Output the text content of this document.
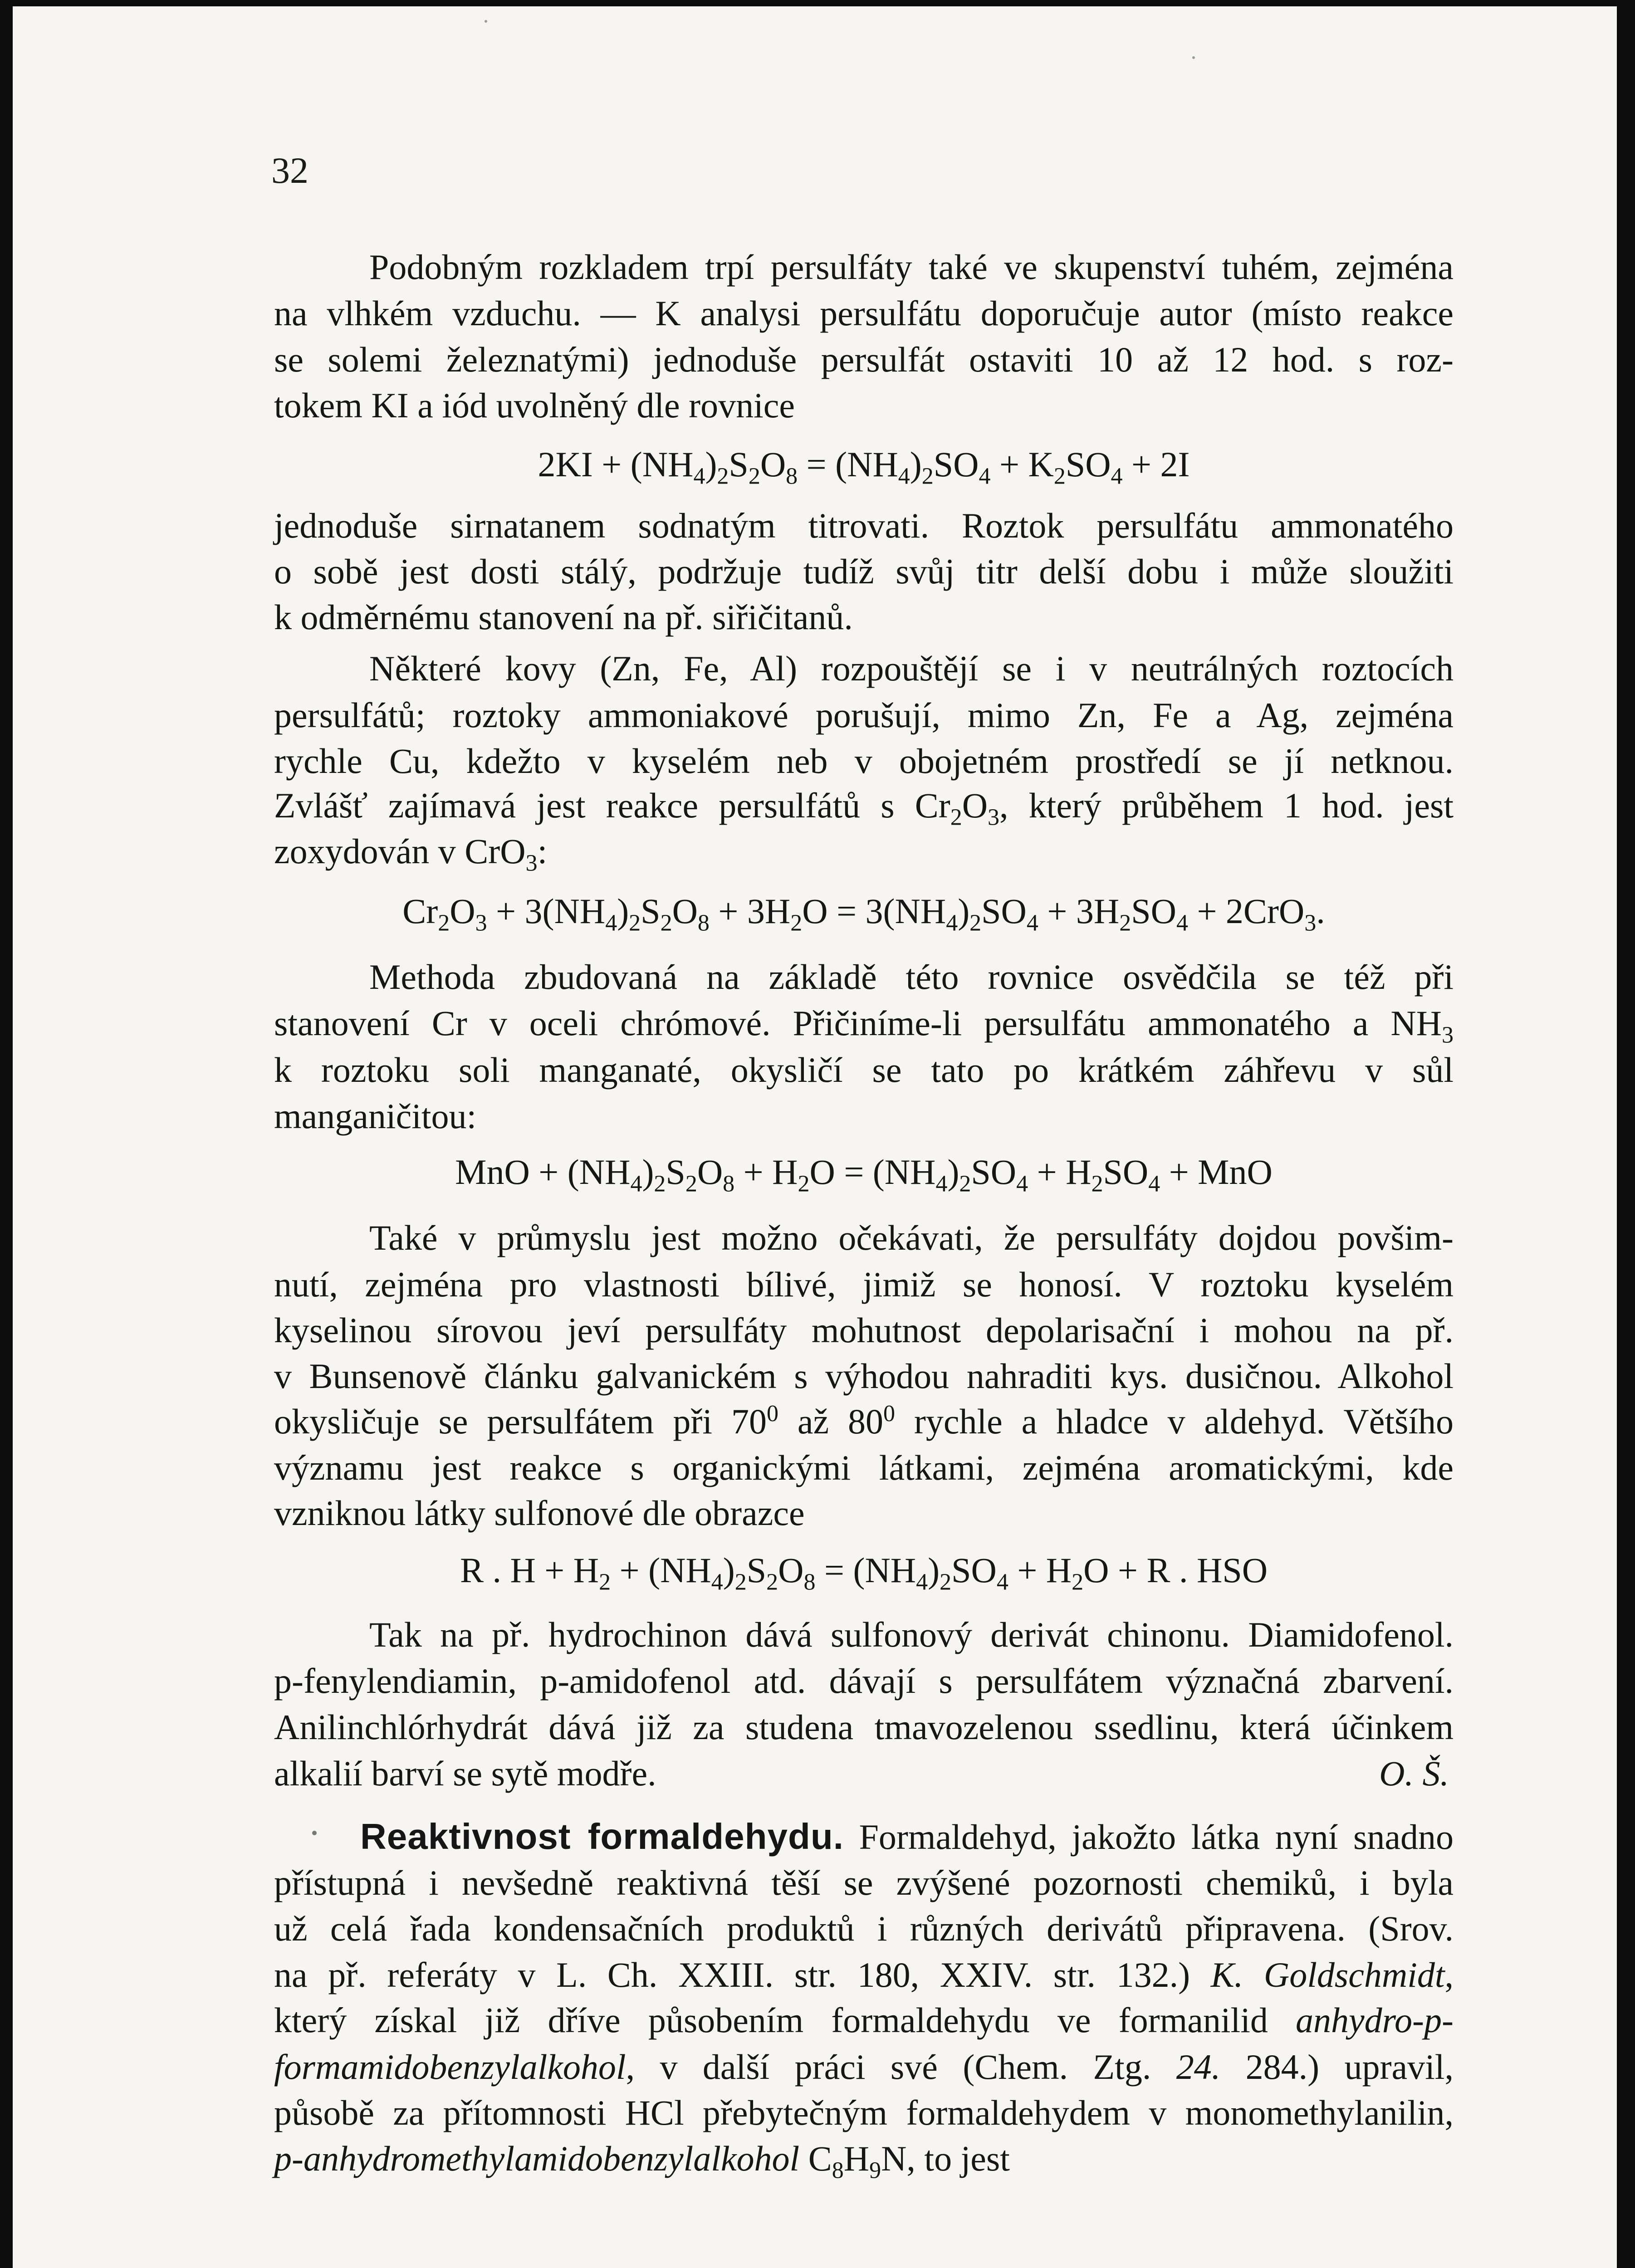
32
Podobným rozkladem trpí persulfáty také ve skupenství tuhém, zejména
na vlhkém vzduchu. — K analysi persulfátu doporučuje autor (místo reakce
se solemi železnatými) jednoduše persulfát ostaviti 10 až 12 hod. s roz-
tokem KI a iód uvolněný dle rovnice
$2KI + (NH_4)_2S_2O_8 = (NH_4)_2SO_4 + K_2SO_4 + 2I$
jednoduše sirnatanem sodnatým titrovati. Roztok persulfátu ammonatého
o sobě jest dosti stálý, podržuje tudíž svůj titr delší dobu i může sloužiti
k odměrnému stanovení na př. siřičitanů.
Některé kovy (Zn, Fe, Al) rozpouštějí se i v neutrálných roztocích
persulfátů; roztoky ammoniakové porušují, mimo Zn, Fe a Ag, zejména
rychle Cu, kdežto v kyselém neb v obojetném prostředí se jí netknou.
Zvlášť zajímavá jest reakce persulfátů s $Cr_2O_3$, který průběhem 1 hod. jest
zoxydován v CrO$_3$:
$Cr_2O_3 + 3(NH_4)_2S_2O_8 + 3H_2O = 3(NH_4)_2SO_4 + 3H_2SO_4 + 2CrO_3$.
Methoda zbudovaná na základě této rovnice osvědčila se též při
stanovení Cr v oceli chrómové. Přičiníme-li persulfátu ammonatého a $NH_3$
k roztoku soli manganaté, okysličí se tato po krátkém záhřevu v sůl
manganičitou:
MnO + $(NH_4)_2S_2O_8 + H_2O = (NH_4)_2SO_4 + H_2SO_4$ + MnO
Také v průmyslu jest možno očekávati, že persulfáty dojdou povšim-
nutí, zejména pro vlastnosti bílivé, jimiž se honosí. V roztoku kyselém
kyselinou sírovou jeví persulfáty mohutnost depolarisační i mohou na př.
v Bunsenově článku galvanickém s výhodou nahraditi kys. dusičnou. Alkohol
okysličuje se persulfátem při $70^0$ až $80^0$ rychle a hladce v aldehyd. Většího
významu jest reakce s organickými látkami, zejména aromatickými, kde
vzniknou látky sulfonové dle obrazce
R . $H + H_2 + (NH_4)_2S_2O_8 = (NH_4)_2SO_4 + H_2O + R$ . HSO
Tak na př. hydrochinon dává sulfonový derivát chinonu. Diamidofenol.
p-fenylendiamin, p-amidofenol atd. dávají s persulfátem význačná zbarvení.
Anilinchlórhydrát dává již za studena tmavozelenou ssedlinu, která účinkem
alkalií barví se sytě modře.	O. Š.
Reaktivnost formaldehydu. Formaldehyd, jakožto látka nyní snadno
přístupná i nevšedně reaktivná těší se zvýšené pozornosti chemiků, i byla
už celá řada kondensačních produktů i různých derivátů připravena. (Srov.
na př. referáty v L. Ch. XXIII. str. 180, XXIV. str. 132.) K. Goldschmidt,
který získal již dříve působením formaldehydu ve formanilid anhydro-p-
formamidobenzylalkohol, v další práci své (Chem. Ztg. 24. 284.) upravil,
působě za přítomnosti HCl přebytečným formaldehydem v monomethylanilin,
p-anhydromethylamidobenzylalkohol $C_8H_9N$, to jest
